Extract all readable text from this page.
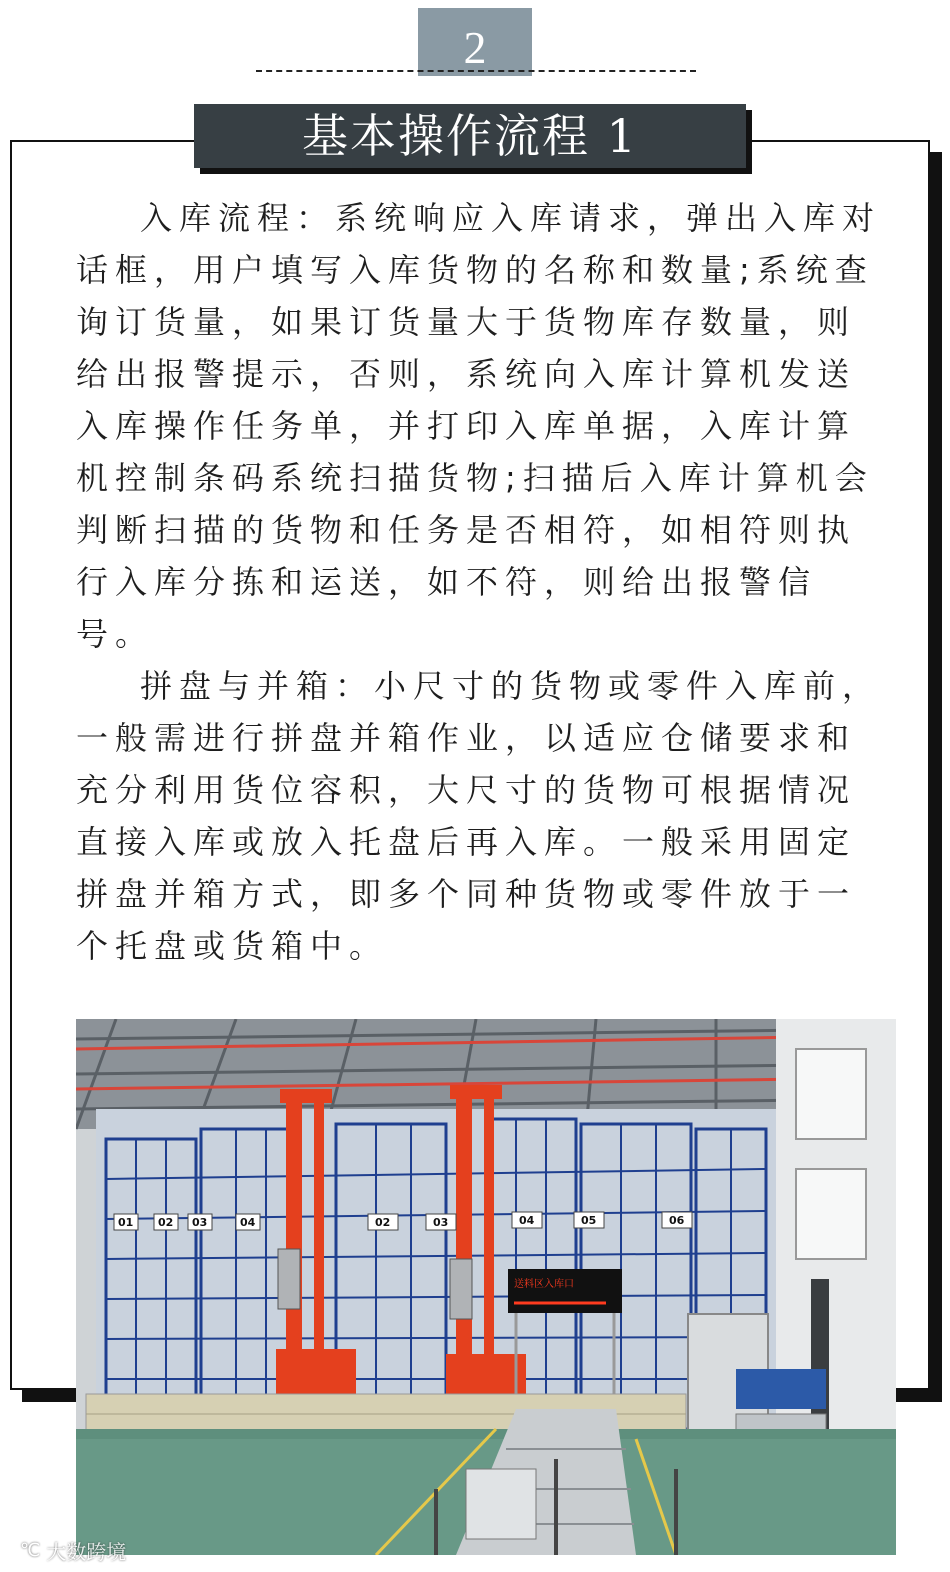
2
基本操作流程 1

入库流程：系统响应入库请求，弹出入库对话框，用户填写入库货物的名称和数量;系统查询订货量，如果订货量大于货物库存数量，则给出报警提示，否则，系统向入库计算机发送入库操作任务单，并打印入库单据，入库计算机控制条码系统扫描货物;扫描后入库计算机会判断扫描的货物和任务是否相符，如相符则执行入库分拣和运送，如不符，则给出报警信号。

拼盘与并箱：小尺寸的货物或零件入库前，一般需进行拼盘并箱作业，以适应仓储要求和充分利用货位容积，大尺寸的货物可根据情况直接入库或放入托盘后再入库。一般采用固定拼盘并箱方式，即多个同种货物或零件放于一个托盘或货箱中。

01 02 03	04	02	03	04	05	06
送料区入库口
℃ 大数跨境
